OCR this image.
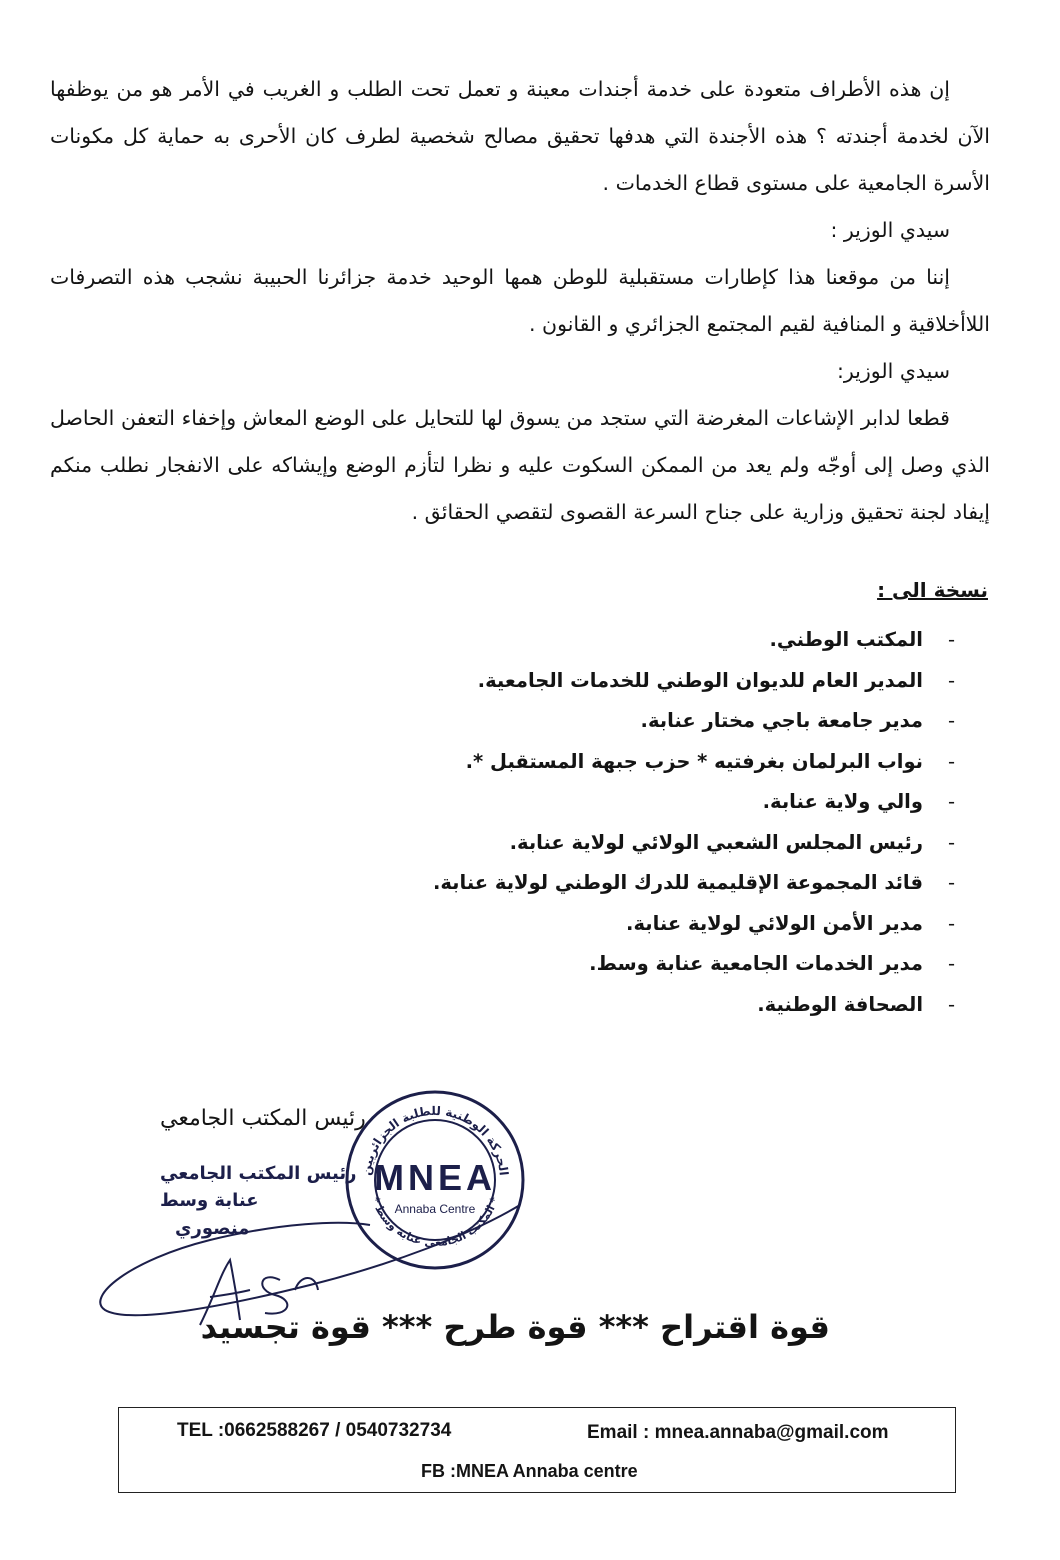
إن هذه الأطراف متعودة على خدمة أجندات معينة و تعمل تحت الطلب و الغريب في الأمر هو من يوظفها الآن لخدمة أجندته ؟ هذه الأجندة التي هدفها تحقيق مصالح شخصية لطرف كان الأحرى به حماية كل مكونات الأسرة الجامعية على مستوى قطاع الخدمات .

سيدي الوزير :

إننا من موقعنا هذا كإطارات مستقبلية للوطن همها الوحيد خدمة جزائرنا الحبيبة نشجب هذه التصرفات اللاأخلاقية و المنافية لقيم المجتمع الجزائري و القانون .

سيدي الوزير:

قطعا لدابر الإشاعات المغرضة التي ستجد من يسوق لها للتحايل على الوضع المعاش وإخفاء التعفن الحاصل الذي وصل إلى أوجّه ولم يعد من الممكن السكوت عليه و نظرا لتأزم الوضع وإيشاكه على الانفجار نطلب منكم إيفاد لجنة تحقيق وزارية على جناح السرعة القصوى لتقصي الحقائق .

نسخة الى :
-
المكتب الوطني.
-
المدير العام للديوان الوطني للخدمات الجامعية.
-
مدير جامعة باجي مختار عنابة.
-
نواب البرلمان بغرفتيه * حزب جبهة المستقبل *.
-
والي ولاية عنابة.
-
رئيس المجلس الشعبي الولائي لولاية عنابة.
-
قائد المجموعة الإقليمية للدرك الوطني لولاية عنابة.
-
مدير الأمن الولائي لولاية عنابة.
-
مدير الخدمات الجامعية عنابة وسط.
-
الصحافة الوطنية.
رئيس المكتب الجامعي
رئيس المكتب الجامعي
عنابة وسط
منصوري
الحركة الوطنية للطلبة الجزائريين
* المكتب الجامعي عنابة وسط *
MNEA
Annaba Centre
قوة اقتراح *** قوة طرح *** قوة تجسيد
TEL :0662588267 / 0540732734	Email : mnea.annaba@gmail.com
FB :MNEA Annaba centre
